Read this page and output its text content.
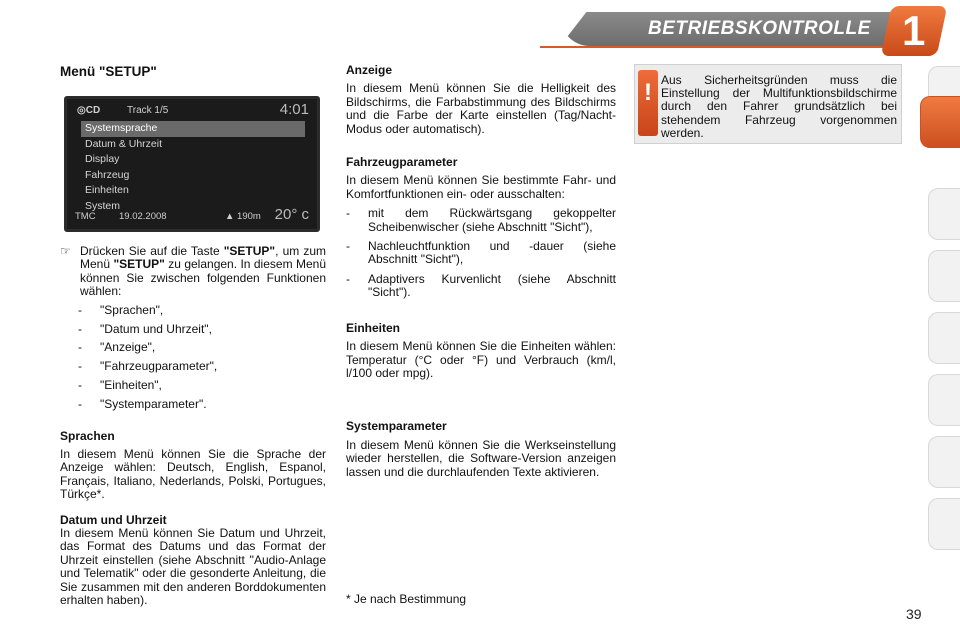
BETRIEBSKONTROLLE 1
Menü "SETUP"
◎CD	Track 1/5	4:01
Systemsprache
Datum & Uhrzeit
Display
Fahrzeug
Einheiten
System
TMC 19.02.2008	▲ 190m 20° c
☞ Drücken Sie auf die Taste "SETUP", um zum Menü "SETUP" zu gelangen. In diesem Menü können Sie zwischen folgenden Funktionen wählen:

- "Sprachen",
- "Datum und Uhrzeit",
- "Anzeige",
- "Fahrzeugparameter",
- "Einheiten",
- "Systemparameter".

Sprachen

In diesem Menü können Sie die Sprache der Anzeige wählen: Deutsch, English, Espanol, Français, Italiano, Nederlands, Polski, Portugues, Türkçe*.

Datum und Uhrzeit

In diesem Menü können Sie Datum und Uhrzeit, das Format des Datums und das Format der Uhrzeit einstellen (siehe Abschnitt "Audio-Anlage und Telematik" oder die gesonderte Anleitung, die Sie zusammen mit den anderen Borddokumenten erhalten haben).

Anzeige

In diesem Menü können Sie die Helligkeit des Bildschirms, die Farbabstimmung des Bildschirms und die Farbe der Karte einstellen (Tag/Nacht-Modus oder automatisch).

Fahrzeugparameter

In diesem Menü können Sie bestimmte Fahr- und Komfortfunktionen ein- oder ausschalten:

- mit dem Rückwärtsgang gekoppelter Scheibenwischer (siehe Abschnitt "Sicht"),

- Nachleuchtfunktion und -dauer (siehe Abschnitt "Sicht"),

- Adaptivers Kurvenlicht (siehe Abschnitt "Sicht").

Einheiten

In diesem Menü können Sie die Einheiten wählen: Temperatur (°C oder °F) und Verbrauch (km/l, l/100 oder mpg).

Systemparameter

In diesem Menü können Sie die Werkseinstellung wieder herstellen, die Software-Version anzeigen lassen und die durchlaufenden Texte aktivieren.

* Je nach Bestimmung
! Aus Sicherheitsgründen muss die Einstellung der Multifunktionsbildschirme durch den Fahrer grundsätzlich bei stehendem Fahrzeug vorgenommen werden.
39
